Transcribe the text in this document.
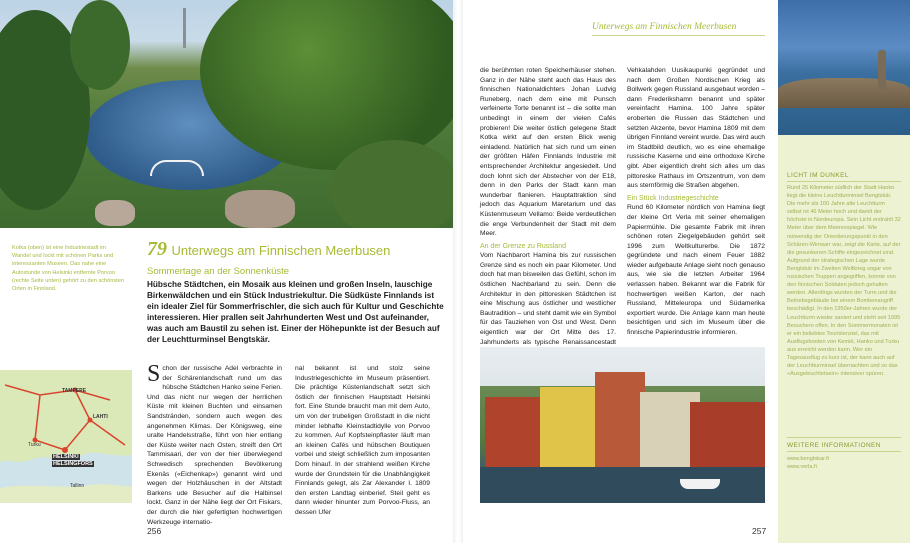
Kotka (oben) ist eine Industriestadt im Wandel und lockt mit schönen Parks und interessanten Museen. Das nahe eine Autostunde von Helsinki entfernte Porvoo (rechte Seite unten) gehört zu den schönsten Orten in Finnland.
79 Unterwegs am Finnischen Meerbusen
Sommertage an der Sonnenküste
Hübsche Städtchen, ein Mosaik aus kleinen und großen Inseln, lauschige Birkenwäldchen und ein Stück Industriekultur. Die Südküste Finnlands ist ein idealer Ziel für Sommerfrischler, die sich auch für Kultur und Geschichte interessieren. Hier prallen seit Jahrhunderten West und Ost aufeinander, was auch am Baustil zu sehen ist. Einer der Höhepunkte ist der Besuch auf der Leuchtturminsel Bengtskär.
TAMPERE
LAHTI
Turku
HELSINKI
HELSINGFORS
Tallinn
S chon der russische Adel verbrachte in der Schärenlandschaft rund um das hübsche Städtchen Hanko seine Ferien. Und das nicht nur wegen der herrlichen Küste mit kleinen Buchten und einsamen Sandstränden, sondern auch wegen des angenehmen Klimas. Der Königsweg, eine uralte Handelsstraße, führt von hier entlang der Küste weiter nach Osten, streift den Ort Tammisaari, der von der hier überwiegend Schwedisch sprechenden Bevölkerung Ekenäs («Eichenkap») genannt wird und wegen der Holzhäuschen in der Altstadt Barkens ude Besucher auf die Halbinsel lockt. Ganz in der Nähe liegt der Ort Fiskars, der durch die hier gefertigten hochwertigen Werkzeuge internatio-
nal bekannt ist und stolz seine Industriegeschichte im Museum präsentiert. Die prächtige Küstenlandschaft setzt sich östlich der finnischen Hauptstadt Helsinki fort. Eine Stunde braucht man mit dem Auto, um von der trubeligen Großstadt in die nicht minder lebhafte Kleinstadtidylle von Porvoo zu kommen. Auf Kopfsteinpflaster läuft man an kleinen Cafés und hübschen Boutiquen vorbei und steigt schließlich zum imposanten Dom hinauf. In der strahlend weißen Kirche wurde der Grundstein für die Unabhängigkeit Finnlands gelegt, als Zar Alexander I. 1809 den ersten Landtag einberief. Steil geht es dann wieder hinunter zum Porvoo-Fluss, an dessen Ufer
256
Unterwegs am Finnischen Meerbusen

die berühmten roten Speicherhäuser stehen. Ganz in der Nähe steht auch das Haus des finnischen Nationaldichters Johan Ludvig Runeberg, nach dem eine mit Punsch verfeinerte Torte benannt ist – die sollte man unbedingt in einem der vielen Cafés probieren! Die weiter östlich gelegene Stadt Kotka wirkt auf den ersten Blick wenig einladend. Natürlich hat sich rund um einen der größten Häfen Finnlands Industrie mit entsprechender Architektur angesiedelt. Und doch lohnt sich der Abstecher von der E18, denn in den Parks der Stadt kann man wunderbar flanieren. Hauptattraktion sind jedoch das Aquarium Maretarium und das Küstenmuseum Vellamo: Beide verdeutlichen die enge Verbundenheit der Stadt mit dem Meer.

An der Grenze zu Russland

Vom Nachbarort Hamina bis zur russischen Grenze sind es noch ein paar Kilometer. Und doch hat man bisweilen das Gefühl, schon im östlichen Nachbarland zu sein. Denn die Architektur in den pittoresken Städtchen ist eine Mischung aus östlicher und westlicher Bautradition – und steht damit wie ein Symbol für das Tauziehen von Ost und West. Denn eigentlich war der Ort Mitte des 17. Jahrhunderts als typische Renaissancestadt

Vehkalahden Uusikaupunki gegründet und nach dem Großen Nordischen Krieg als Bollwerk gegen Russland ausgebaut worden – dann Frederikshamn benannt und später vereinfacht Hamina. 100 Jahre später eroberten die Russen das Städtchen und setzten Akzente, bevor Hamina 1809 mit dem übrigen Finnland vereint wurde. Das wird auch im Stadtbild deutlich, wo es eine ehemalige russische Kaserne und eine orthodoxe Kirche gibt. Aber eigentlich dreht sich alles um das pittoreske Rathaus im Ortszentrum, von dem aus sternförmig die Straßen abgehen.

Ein Stück Industriegeschichte

Rund 60 Kilometer nördlich von Hamina liegt der kleine Ort Verla mit seiner ehemaligen Papiermühle. Die gesamte Fabrik mit ihren schönen roten Ziegelgebäuden gehört seit 1996 zum Weltkulturerbe. Die 1872 gegründete und nach einem Feuer 1882 wieder aufgebaute Anlage sieht noch genauso aus, wie sie die letzten Arbeiter 1964 verlassen haben. Bekannt war die Fabrik für hochwertigen weißen Karton, der nach Russland, Mitteleuropa und Südamerika exportiert wurde. Die Anlage kann man heute besichtigen und sich im Museum über die finnische Papierindustrie informieren.

257
LICHT IM DUNKEL
Rund 25 Kilometer südlich der Stadt Hanko liegt die kleine Leuchtturminsel Bengtskär. Die mehr als 100 Jahre alte Leuchtturm selbst ist 46 Meter hoch und damit der höchste in Nordeuropa. Sein Licht erstrahlt 32 Meter über dem Meeresspiegel. Wie notwendig der Orientierungspunkt in den Schären-Wirrwarr war, zeigt die Karte, auf der die gesunkenen Schiffe eingezeichnet sind. Aufgrund der strategischen Lage wurde Bengtskär im Zweiten Weltkrieg sogar von russischen Truppen angegriffen, konnte von den finnischen Soldaten jedoch gehalten werden. Allerdings wurden der Turm und die Betriebsgebäude bei einem Bombenangriff beschädigt. In den 1950er-Jahren wurde der Leuchtturm wieder saniert und steht seit 1995 Besuchern offen. In den Sommermonaten ist er ein beliebtes Touristenziel, das mit Ausflugsbooten von Kemiö, Hanko und Turku aus erreicht werden kann. Wer ein Tagesausflug zu kurz ist, der kann auch auf der Leuchtturminsel übernachten und so das «Ausgeleuchtetsein» intensiver spüren.
WEITERE INFORMATIONEN
www.bengtskar.fi
www.verla.fi
